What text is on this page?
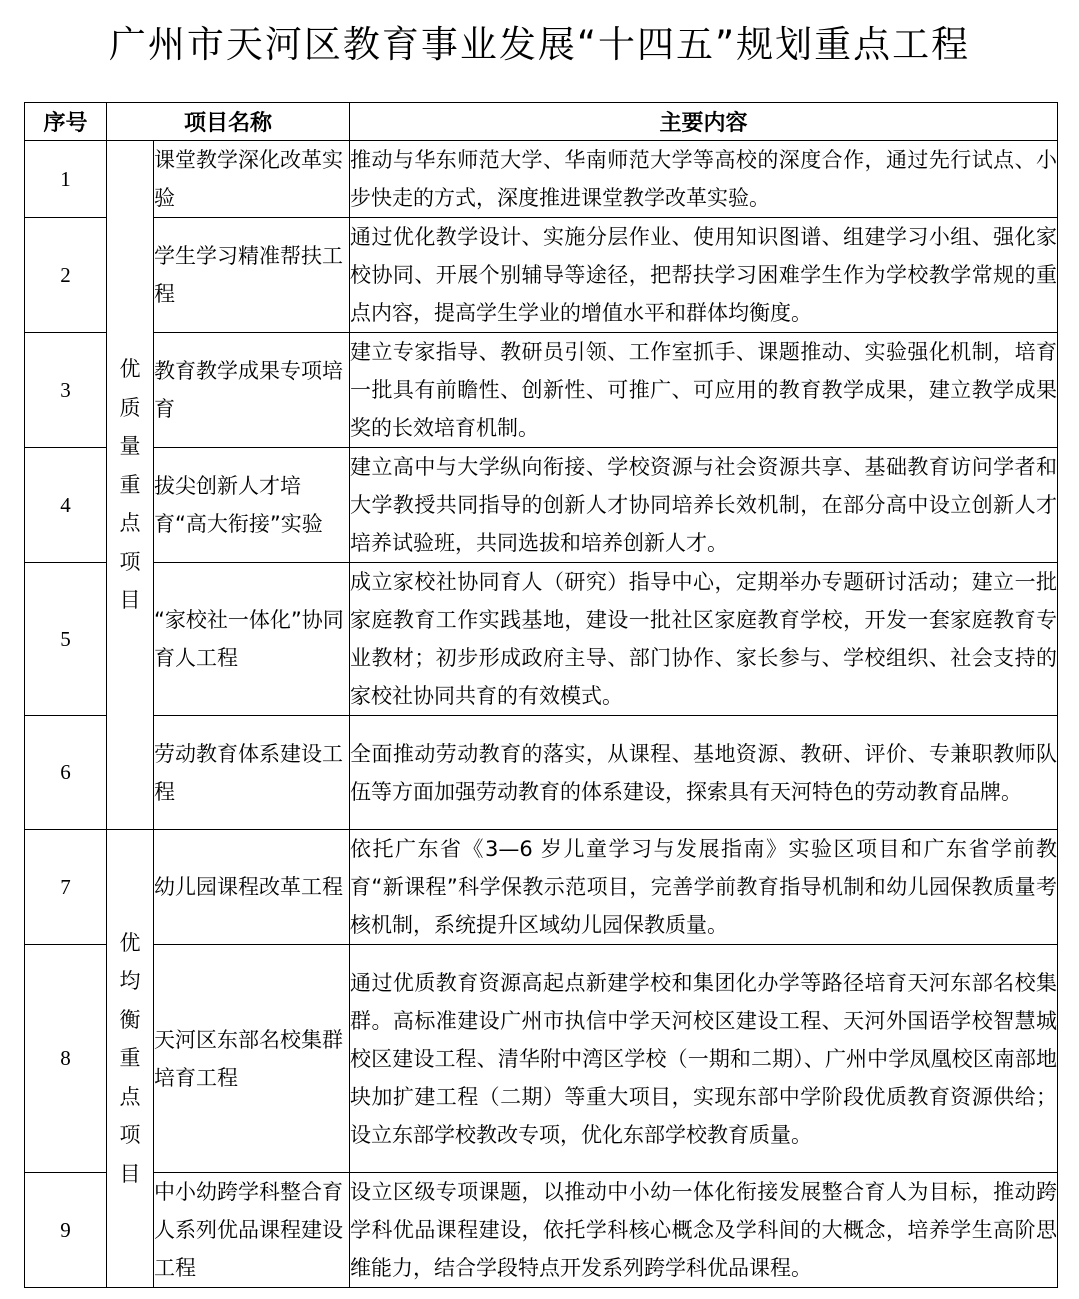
广州市天河区教育事业发展“十四五”规划重点工程
序号	项目名称		主要内容
1	优质量重点项目	课堂教学深化改革实验	推动与华东师范大学、华南师范大学等高校的深度合作，通过先行试点、小步快走的方式，深度推进课堂教学改革实验。
2		学生学习精准帮扶工程	通过优化教学设计、实施分层作业、使用知识图谱、组建学习小组、强化家校协同、开展个别辅导等途径，把帮扶学习困难学生作为学校教学常规的重点内容，提高学生学业的增值水平和群体均衡度。
3		教育教学成果专项培育	建立专家指导、教研员引领、工作室抓手、课题推动、实验强化机制，培育一批具有前瞻性、创新性、可推广、可应用的教育教学成果，建立教学成果奖的长效培育机制。
4		拔尖创新人才培育“高大衔接”实验	建立高中与大学纵向衔接、学校资源与社会资源共享、基础教育访问学者和大学教授共同指导的创新人才协同培养长效机制，在部分高中设立创新人才培养试验班，共同选拔和培养创新人才。
5		“家校社一体化”协同育人工程	成立家校社协同育人（研究）指导中心，定期举办专题研讨活动；建立一批家庭教育工作实践基地，建设一批社区家庭教育学校，开发一套家庭教育专业教材；初步形成政府主导、部门协作、家长参与、学校组织、社会支持的家校社协同共育的有效模式。
6		劳动教育体系建设工程	全面推动劳动教育的落实，从课程、基地资源、教研、评价、专兼职教师队伍等方面加强劳动教育的体系建设，探索具有天河特色的劳动教育品牌。
7	优均衡重点项目	幼儿园课程改革工程	依托广东省《3—6 岁儿童学习与发展指南》实验区项目和广东省学前教育“新课程”科学保教示范项目，完善学前教育指导机制和幼儿园保教质量考核机制，系统提升区域幼儿园保教质量。
8		天河区东部名校集群培育工程	通过优质教育资源高起点新建学校和集团化办学等路径培育天河东部名校集群。高标准建设广州市执信中学天河校区建设工程、天河外国语学校智慧城校区建设工程、清华附中湾区学校（一期和二期）、广州中学凤凰校区南部地块加扩建工程（二期）等重大项目，实现东部中学阶段优质教育资源供给；设立东部学校教改专项，优化东部学校教育质量。
9		中小幼跨学科整合育人系列优品课程建设工程	设立区级专项课题，以推动中小幼一体化衔接发展整合育人为目标，推动跨学科优品课程建设，依托学科核心概念及学科间的大概念，培养学生高阶思维能力，结合学段特点开发系列跨学科优品课程。
